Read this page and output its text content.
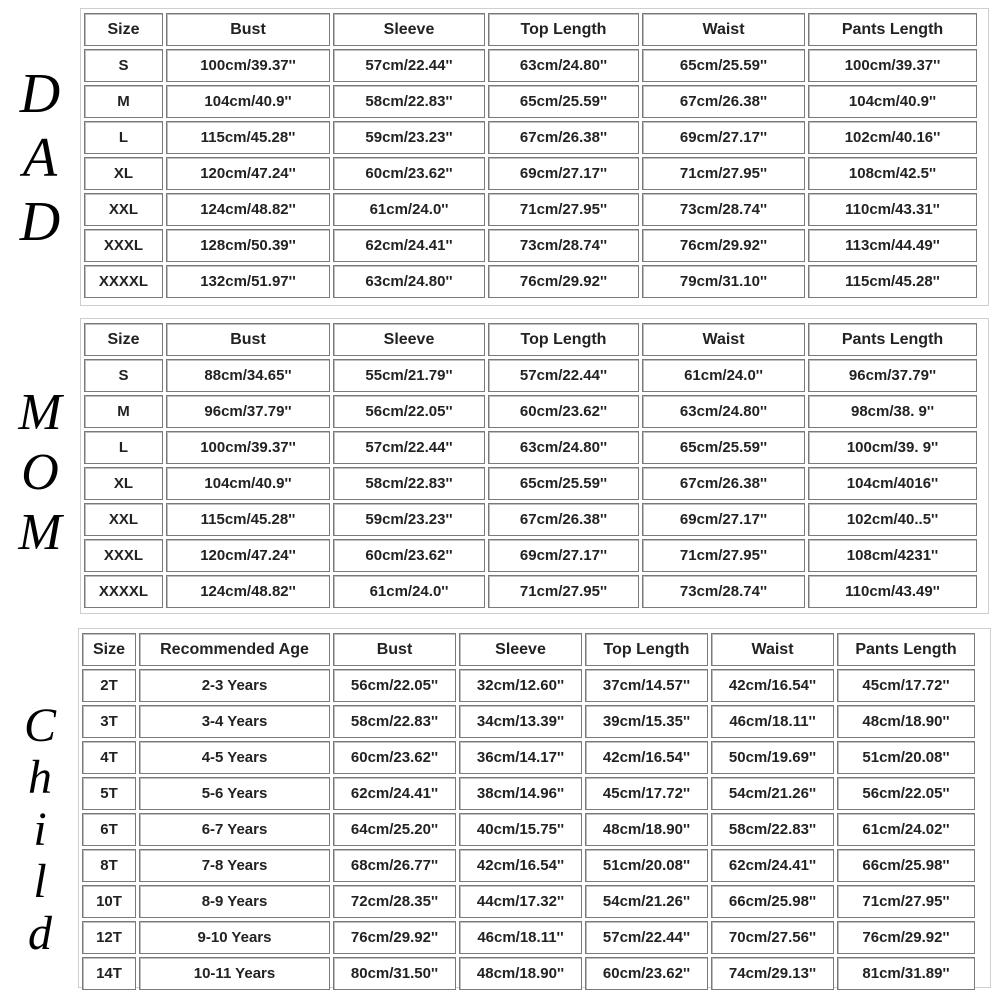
D
A
D
M
O
M
C
h
i
l
d
Size	Bust	Sleeve	Top Length	Waist	Pants Length
S	100cm/39.37''	57cm/22.44''	63cm/24.80''	65cm/25.59''	100cm/39.37''
M	104cm/40.9''	58cm/22.83''	65cm/25.59''	67cm/26.38''	104cm/40.9''
L	115cm/45.28''	59cm/23.23''	67cm/26.38''	69cm/27.17''	102cm/40.16''
XL	120cm/47.24''	60cm/23.62''	69cm/27.17''	71cm/27.95''	108cm/42.5''
XXL	124cm/48.82''	61cm/24.0''	71cm/27.95''	73cm/28.74''	110cm/43.31''
XXXL	128cm/50.39''	62cm/24.41''	73cm/28.74''	76cm/29.92''	113cm/44.49''
XXXXL	132cm/51.97''	63cm/24.80''	76cm/29.92''	79cm/31.10''	115cm/45.28''
Size	Bust	Sleeve	Top Length	Waist	Pants Length
S	88cm/34.65''	55cm/21.79''	57cm/22.44''	61cm/24.0''	96cm/37.79''
M	96cm/37.79''	56cm/22.05''	60cm/23.62''	63cm/24.80''	98cm/38. 9''
L	100cm/39.37''	57cm/22.44''	63cm/24.80''	65cm/25.59''	100cm/39. 9''
XL	104cm/40.9''	58cm/22.83''	65cm/25.59''	67cm/26.38''	104cm/4016''
XXL	115cm/45.28''	59cm/23.23''	67cm/26.38''	69cm/27.17''	102cm/40..5''
XXXL	120cm/47.24''	60cm/23.62''	69cm/27.17''	71cm/27.95''	108cm/4231''
XXXXL	124cm/48.82''	61cm/24.0''	71cm/27.95''	73cm/28.74''	110cm/43.49''
Size	Recommended Age	Bust	Sleeve	Top Length	Waist	Pants Length
2T	2-3 Years	56cm/22.05''	32cm/12.60''	37cm/14.57''	42cm/16.54''	45cm/17.72''
3T	3-4 Years	58cm/22.83''	34cm/13.39''	39cm/15.35''	46cm/18.11''	48cm/18.90''
4T	4-5 Years	60cm/23.62''	36cm/14.17''	42cm/16.54''	50cm/19.69''	51cm/20.08''
5T	5-6 Years	62cm/24.41''	38cm/14.96''	45cm/17.72''	54cm/21.26''	56cm/22.05''
6T	6-7 Years	64cm/25.20''	40cm/15.75''	48cm/18.90''	58cm/22.83''	61cm/24.02''
8T	7-8 Years	68cm/26.77''	42cm/16.54''	51cm/20.08''	62cm/24.41''	66cm/25.98''
10T	8-9 Years	72cm/28.35''	44cm/17.32''	54cm/21.26''	66cm/25.98''	71cm/27.95''
12T	9-10 Years	76cm/29.92''	46cm/18.11''	57cm/22.44''	70cm/27.56''	76cm/29.92''
14T	10-11 Years	80cm/31.50''	48cm/18.90''	60cm/23.62''	74cm/29.13''	81cm/31.89''
